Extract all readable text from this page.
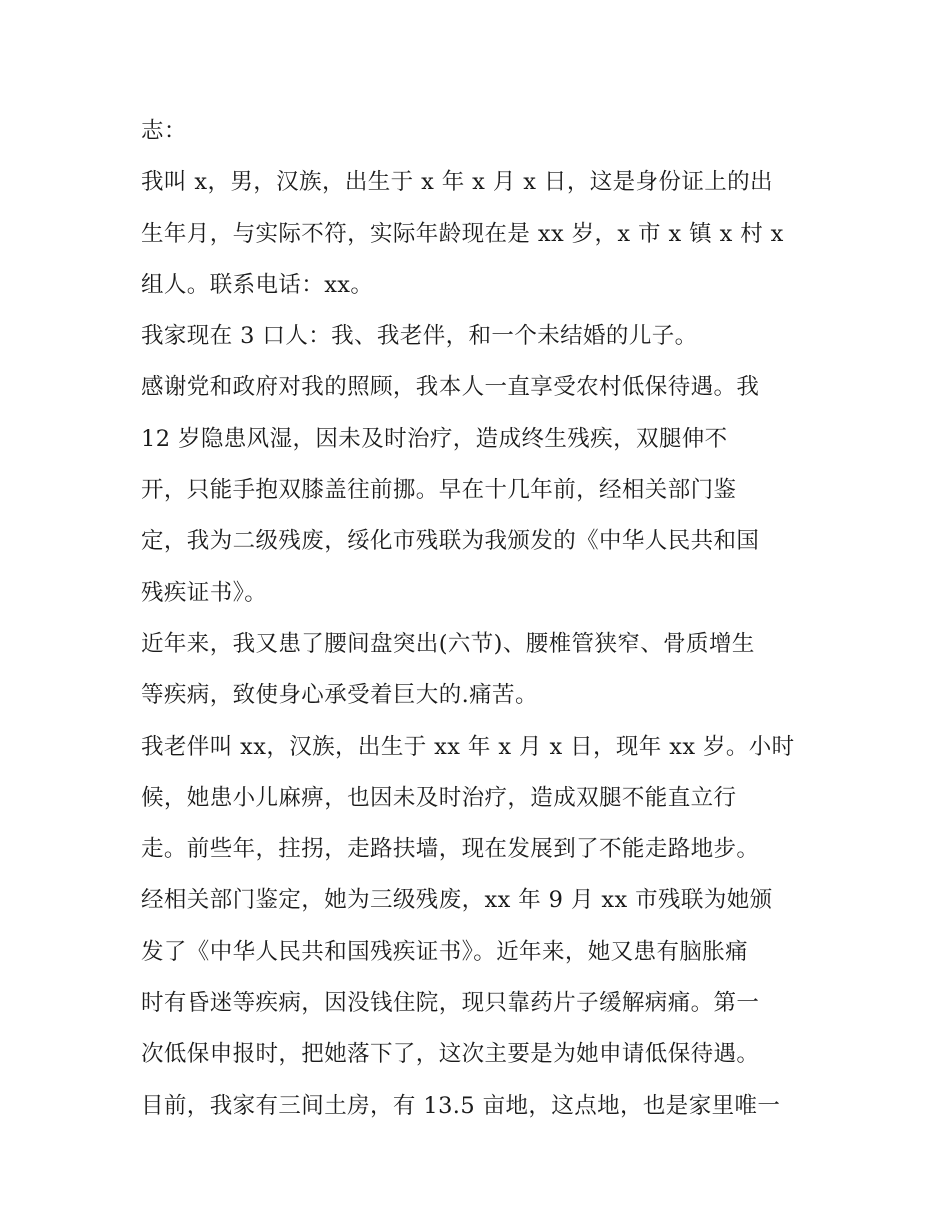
志：
我叫 x，男，汉族，出生于 x 年 x 月 x 日，这是身份证上的出
生年月，与实际不符，实际年龄现在是 xx 岁，x 市 x 镇 x 村 x
组人。联系电话：xx。
我家现在 3 口人：我、我老伴，和一个未结婚的儿子。
感谢党和政府对我的照顾，我本人一直享受农村低保待遇。我
12 岁隐患风湿，因未及时治疗，造成终生残疾，双腿伸不
开，只能手抱双膝盖往前挪。早在十几年前，经相关部门鉴
定，我为二级残废，绥化市残联为我颁发的《中华人民共和国
残疾证书》。
近年来，我又患了腰间盘突出(六节)、腰椎管狭窄、骨质增生
等疾病，致使身心承受着巨大的.痛苦。
我老伴叫 xx，汉族，出生于 xx 年 x 月 x 日，现年 xx 岁。小时
候，她患小儿麻痹，也因未及时治疗，造成双腿不能直立行
走。前些年，拄拐，走路扶墙，现在发展到了不能走路地步。
经相关部门鉴定，她为三级残废，xx 年 9 月 xx 市残联为她颁
发了《中华人民共和国残疾证书》。近年来，她又患有脑胀痛
时有昏迷等疾病，因没钱住院，现只靠药片子缓解病痛。第一
次低保申报时，把她落下了，这次主要是为她申请低保待遇。
目前，我家有三间土房，有 13.5 亩地，这点地，也是家里唯一
